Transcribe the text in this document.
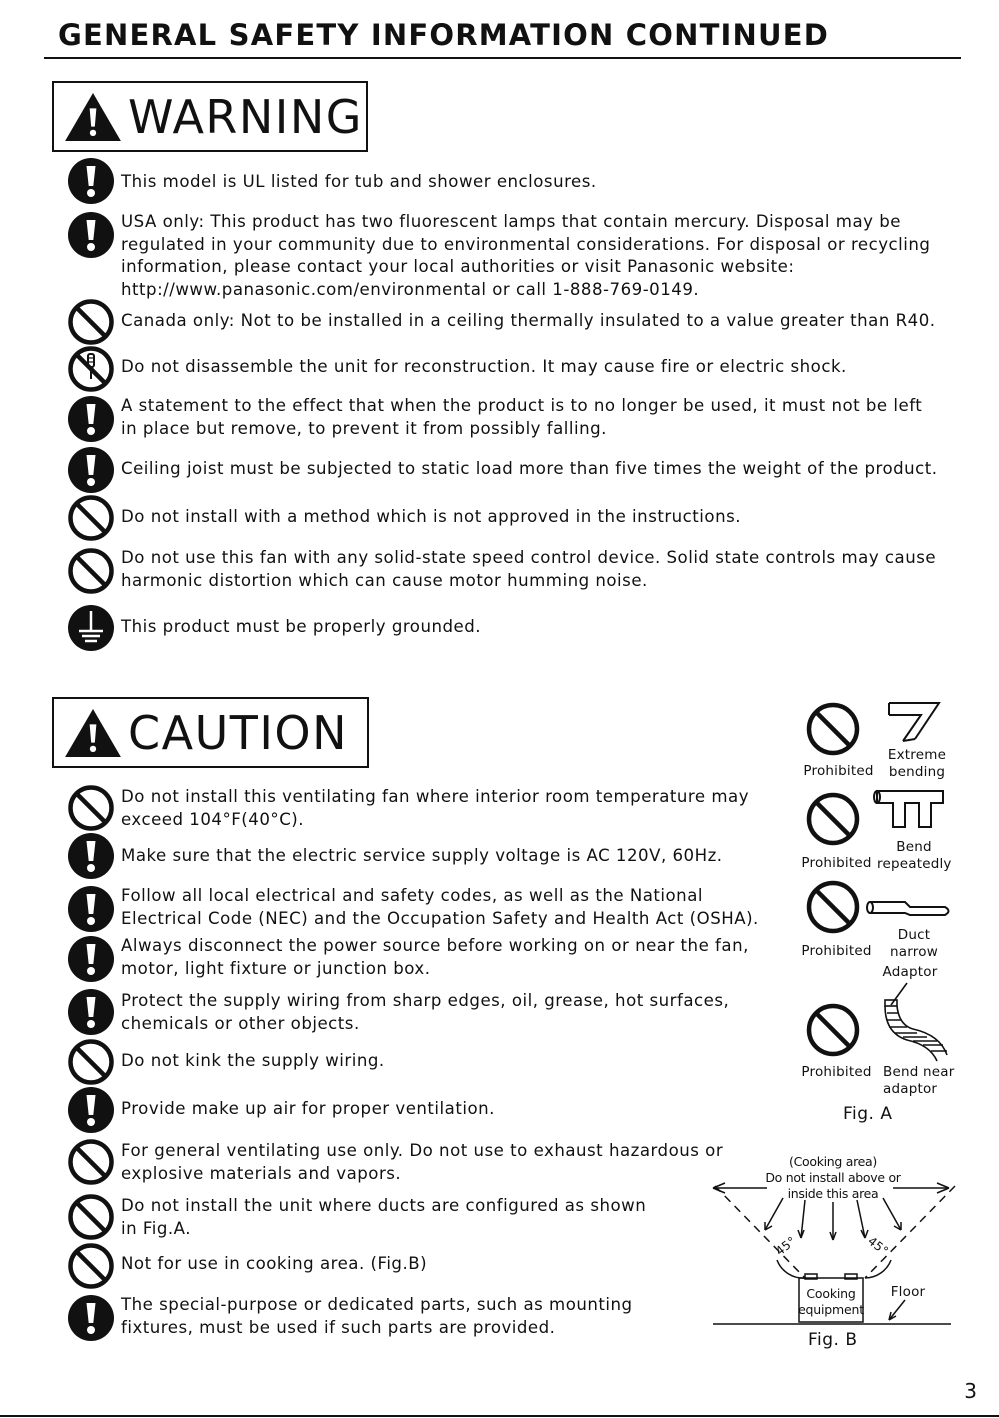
GENERAL SAFETY INFORMATION CONTINUED
WARNING
This model is UL listed for tub and shower enclosures.
USA only: This product has two fluorescent lamps that contain mercury. Disposal may be
regulated in your community due to environmental considerations. For disposal or recycling
information, please contact your local authorities or visit Panasonic website:
http://www.panasonic.com/environmental or call 1-888-769-0149.
Canada only: Not to be installed in a ceiling thermally insulated to a value greater than R40.
Do not disassemble the unit for reconstruction. It may cause fire or electric shock.
A statement to the effect that when the product is to no longer be used, it must not be left
in place but remove, to prevent it from possibly falling.
Ceiling joist must be subjected to static load more than five times the weight of the product.
Do not install with a method which is not approved in the instructions.
Do not use this fan with any solid-state speed control device. Solid state controls may cause
harmonic distortion which can cause motor humming noise.
This product must be properly grounded.
CAUTION
Do not install this ventilating fan where interior room temperature may
exceed 104°F(40°C).
Make sure that the electric service supply voltage is AC 120V, 60Hz.
Follow all local electrical and safety codes, as well as the National
Electrical Code (NEC) and the Occupation Safety and Health Act (OSHA).
Always disconnect the power source before working on or near the fan,
motor, light fixture or junction box.
Protect the supply wiring from sharp edges, oil, grease, hot surfaces,
chemicals or other objects.
Do not kink the supply wiring.
Provide make up air for proper ventilation.
For general ventilating use only. Do not use to exhaust hazardous or
explosive materials and vapors.
Do not install the unit where ducts are configured as shown
in Fig.A.
Not for use in cooking area. (Fig.B)
The special-purpose or dedicated parts, such as mounting
fixtures, must be used if such parts are provided.
Prohibited
Extreme
bending
Prohibited
Bend
repeatedly
Prohibited
Duct
narrow
Adaptor
Prohibited Bend near
adaptor
Fig. A
(Cooking area)
Do not install above or
inside this area
45°	45°
Cooking
equipment
Floor
Fig. B
3
